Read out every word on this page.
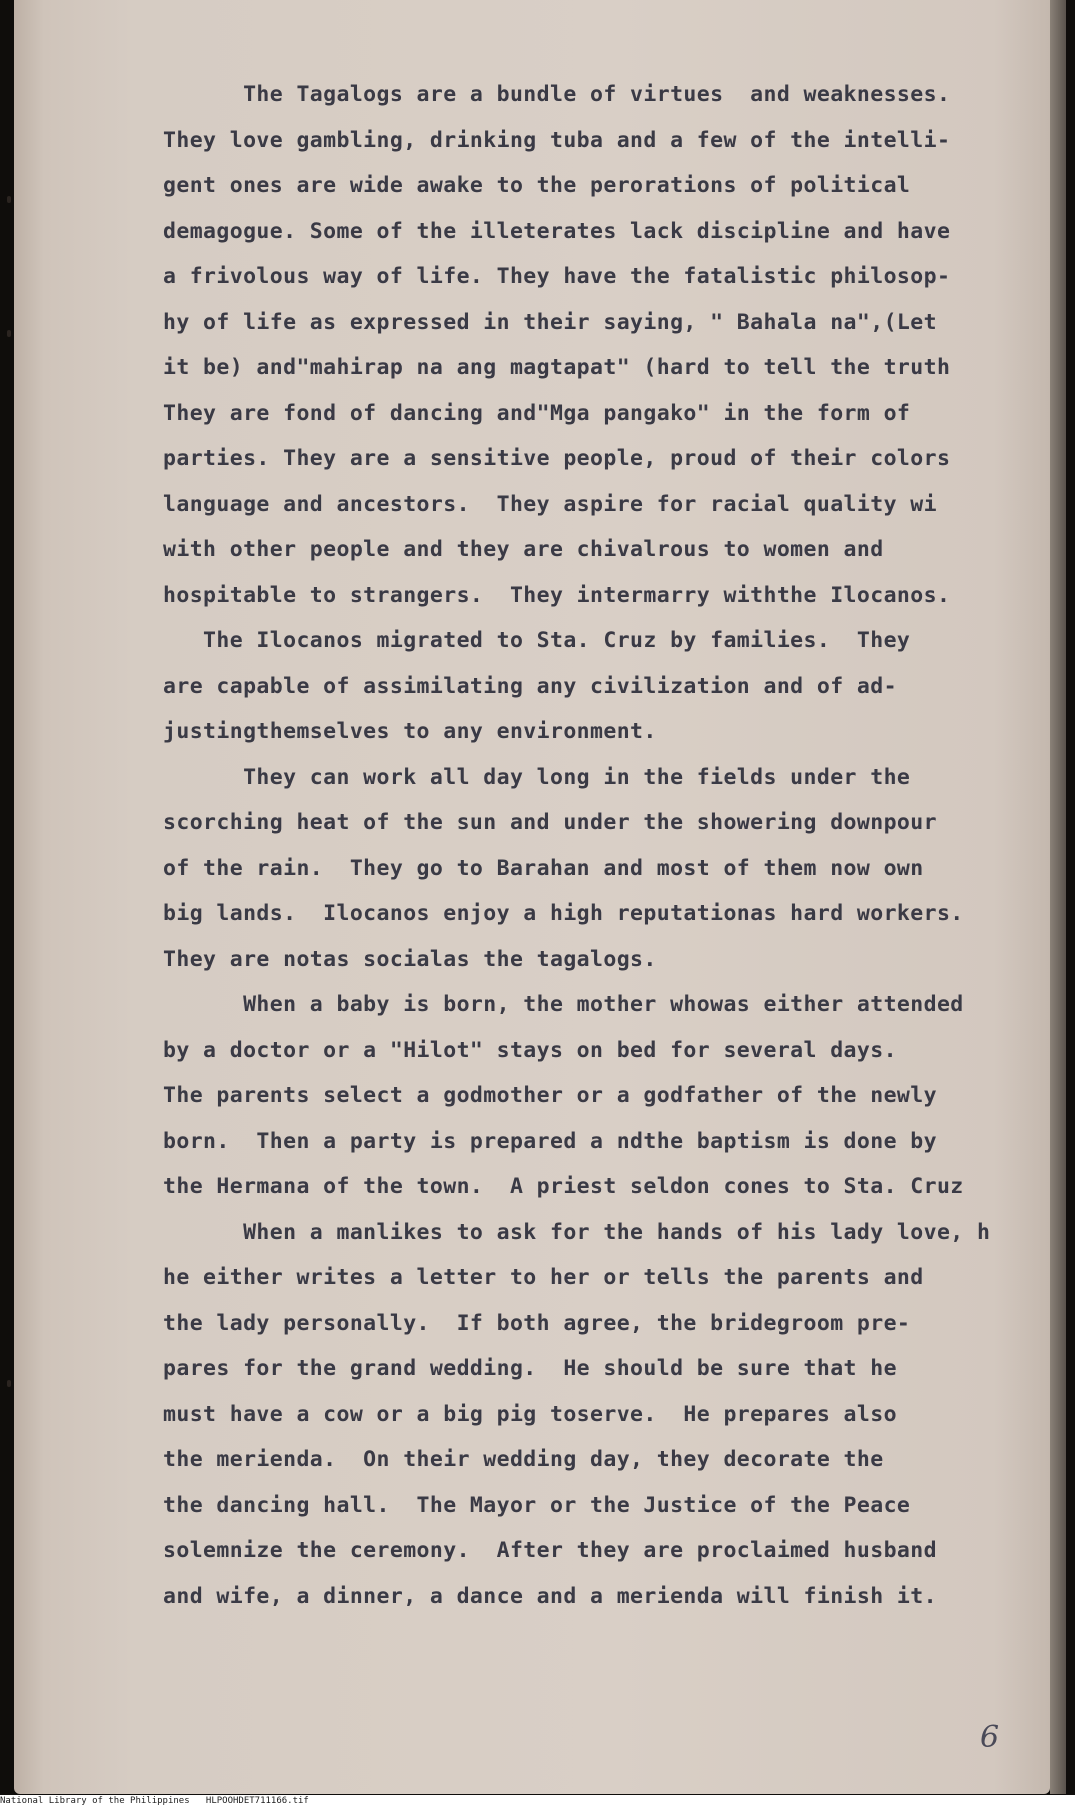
The Tagalogs are a bundle of virtues  and weaknesses.
They love gambling, drinking tuba and a few of the intelli-
gent ones are wide awake to the perorations of political
demagogue. Some of the illeterates lack discipline and have
a frivolous way of life. They have the fatalistic philosop-
hy of life as expressed in their saying, " Bahala na",(Let
it be) and"mahirap na ang magtapat" (hard to tell the truth
They are fond of dancing and"Mga pangako" in the form of
parties. They are a sensitive people, proud of their colors
language and ancestors.  They aspire for racial quality wi
with other people and they are chivalrous to women and
hospitable to strangers.  They intermarry withthe Ilocanos.
The Ilocanos migrated to Sta. Cruz by families.  They
are capable of assimilating any civilization and of ad-
justingthemselves to any environment.
They can work all day long in the fields under the
scorching heat of the sun and under the showering downpour
of the rain.  They go to Barahan and most of them now own
big lands.  Ilocanos enjoy a high reputationas hard workers.
They are notas socialas the tagalogs.
When a baby is born, the mother whowas either attended
by a doctor or a "Hilot" stays on bed for several days.
The parents select a godmother or a godfather of the newly
born.  Then a party is prepared a ndthe baptism is done by
the Hermana of the town.  A priest seldon cones to Sta. Cruz
When a manlikes to ask for the hands of his lady love, h
he either writes a letter to her or tells the parents and
the lady personally.  If both agree, the bridegroom pre-
pares for the grand wedding.  He should be sure that he
must have a cow or a big pig toserve.  He prepares also
the merienda.  On their wedding day, they decorate the
the dancing hall.  The Mayor or the Justice of the Peace
solemnize the ceremony.  After they are proclaimed husband
and wife, a dinner, a dance and a merienda will finish it.
6
National Library of the Philippines   HLPOOHDET711166.tif
